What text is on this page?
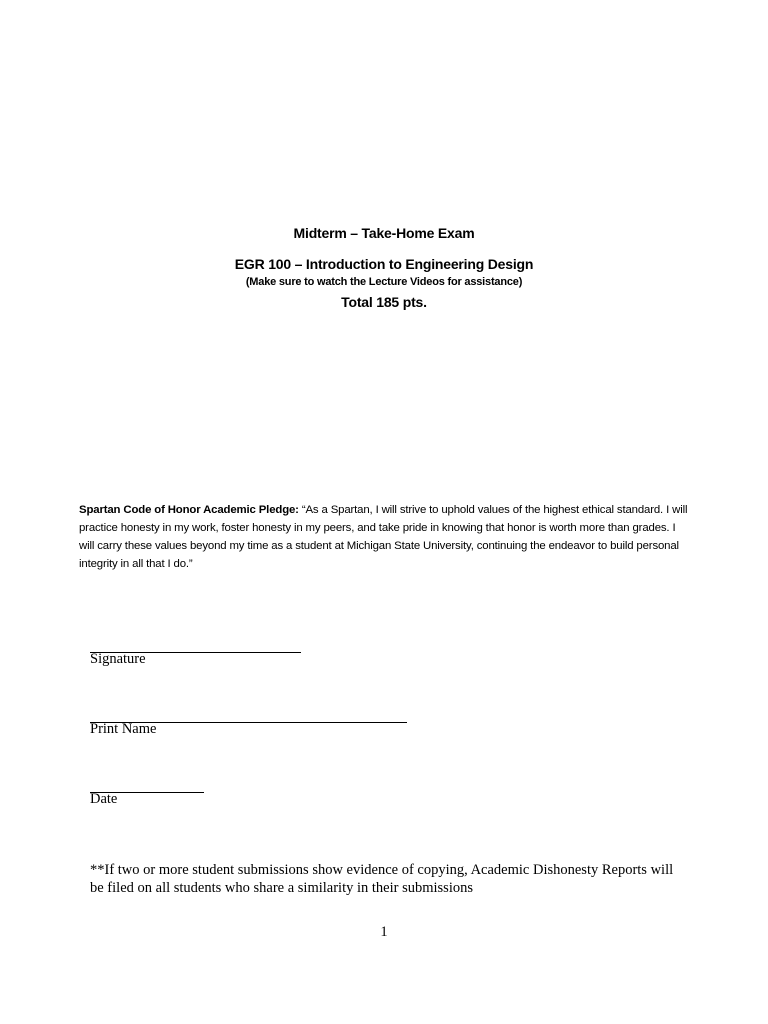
Midterm – Take-Home Exam
EGR 100 – Introduction to Engineering Design
(Make sure to watch the Lecture Videos for assistance)
Total 185 pts.
Spartan Code of Honor Academic Pledge: “As a Spartan, I will strive to uphold values of the highest ethical standard. I will practice honesty in my work, foster honesty in my peers, and take pride in knowing that honor is worth more than grades. I will carry these values beyond my time as a student at Michigan State University, continuing the endeavor to build personal integrity in all that I do.”
Signature
Print Name
Date
**If two or more student submissions show evidence of copying, Academic Dishonesty Reports will be filed on all students who share a similarity in their submissions
1
